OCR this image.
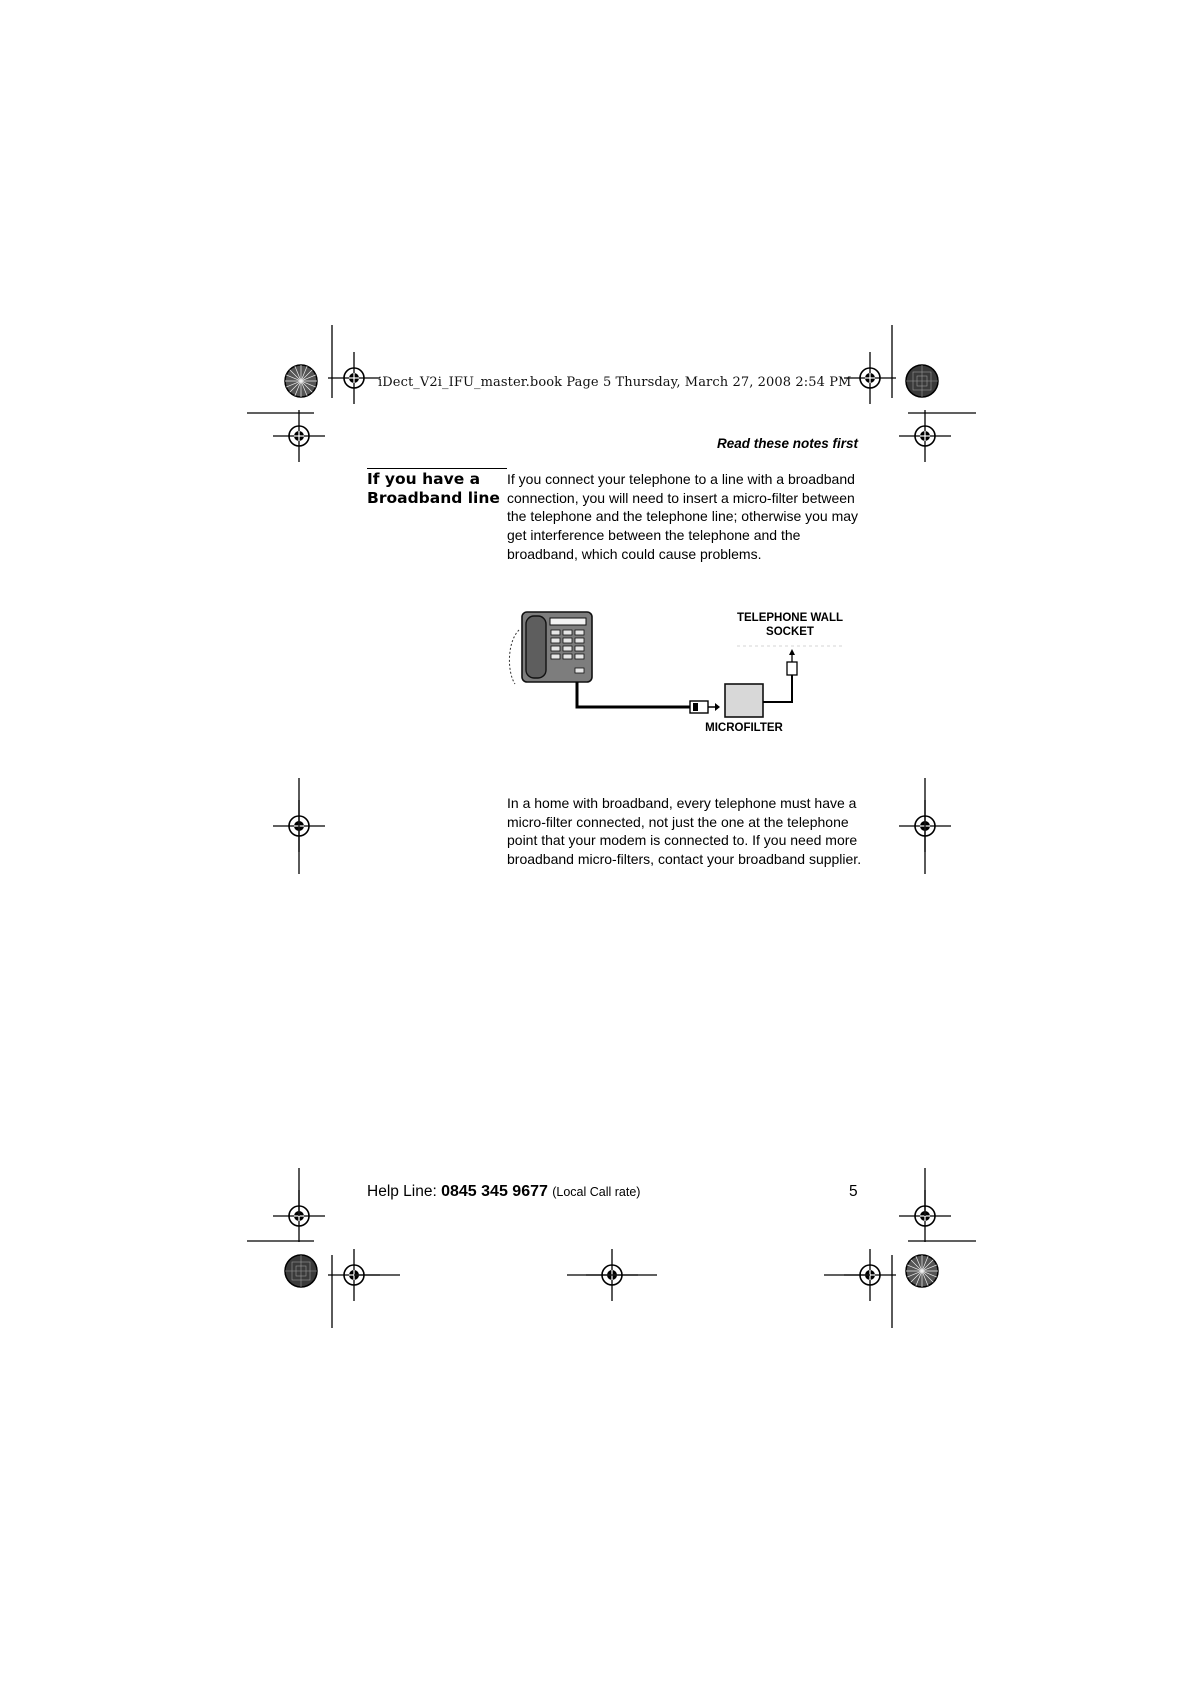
iDect_V2i_IFU_master.book Page 5 Thursday, March 27, 2008 2:54 PM
Read these notes first
If you have a
Broadband line
If you connect your telephone to a line with a broadband connection, you will need to insert a micro-filter between the telephone and the telephone line; otherwise you may get interference between the telephone and the broadband, which could cause problems.
TELEPHONE WALL
SOCKET
MICROFILTER
In a home with broadband, every telephone must have a micro-filter connected, not just the one at the telephone point that your modem is connected to. If you need more broadband micro-filters, contact your broadband supplier.
Help Line: 0845 345 9677 (Local Call rate)	5
